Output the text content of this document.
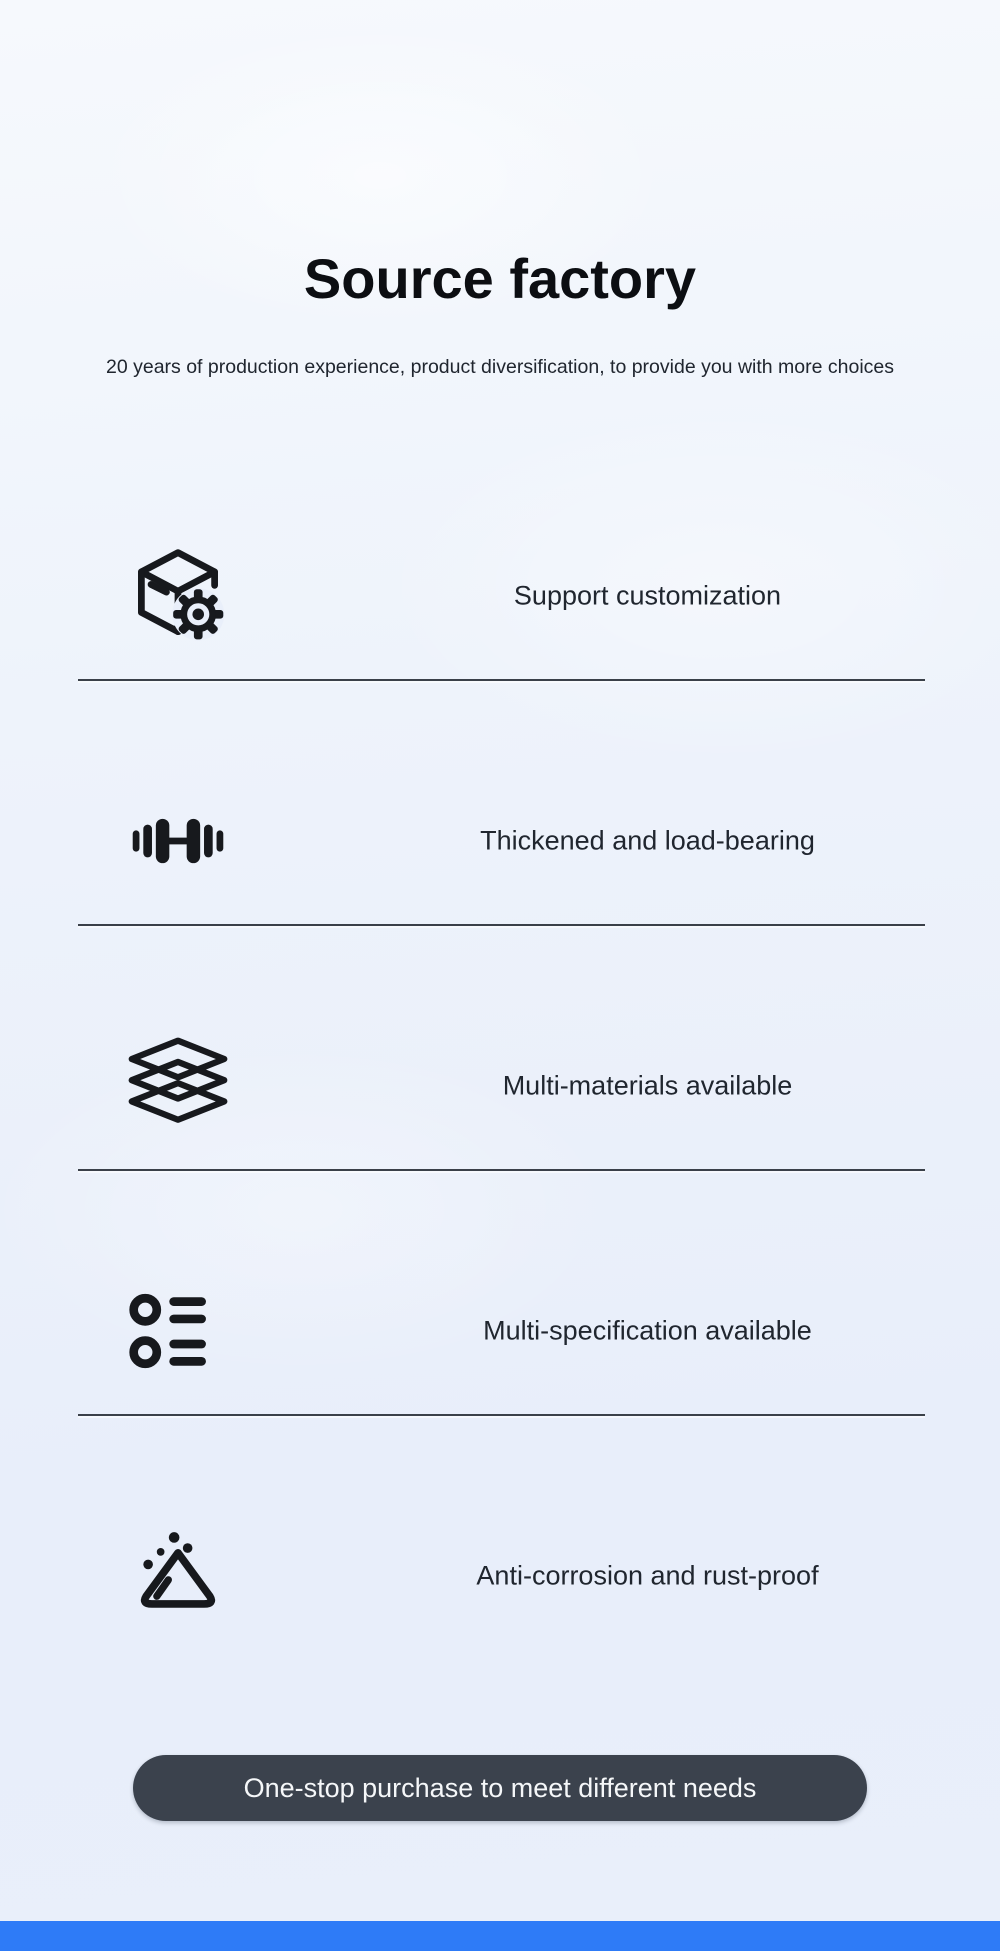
Source factory

20 years of production experience, product diversification, to provide you with more choices

Support customization
Thickened and load-bearing
Multi-materials available
Multi-specification available
Anti-corrosion and rust-proof
One-stop purchase to meet different needs
